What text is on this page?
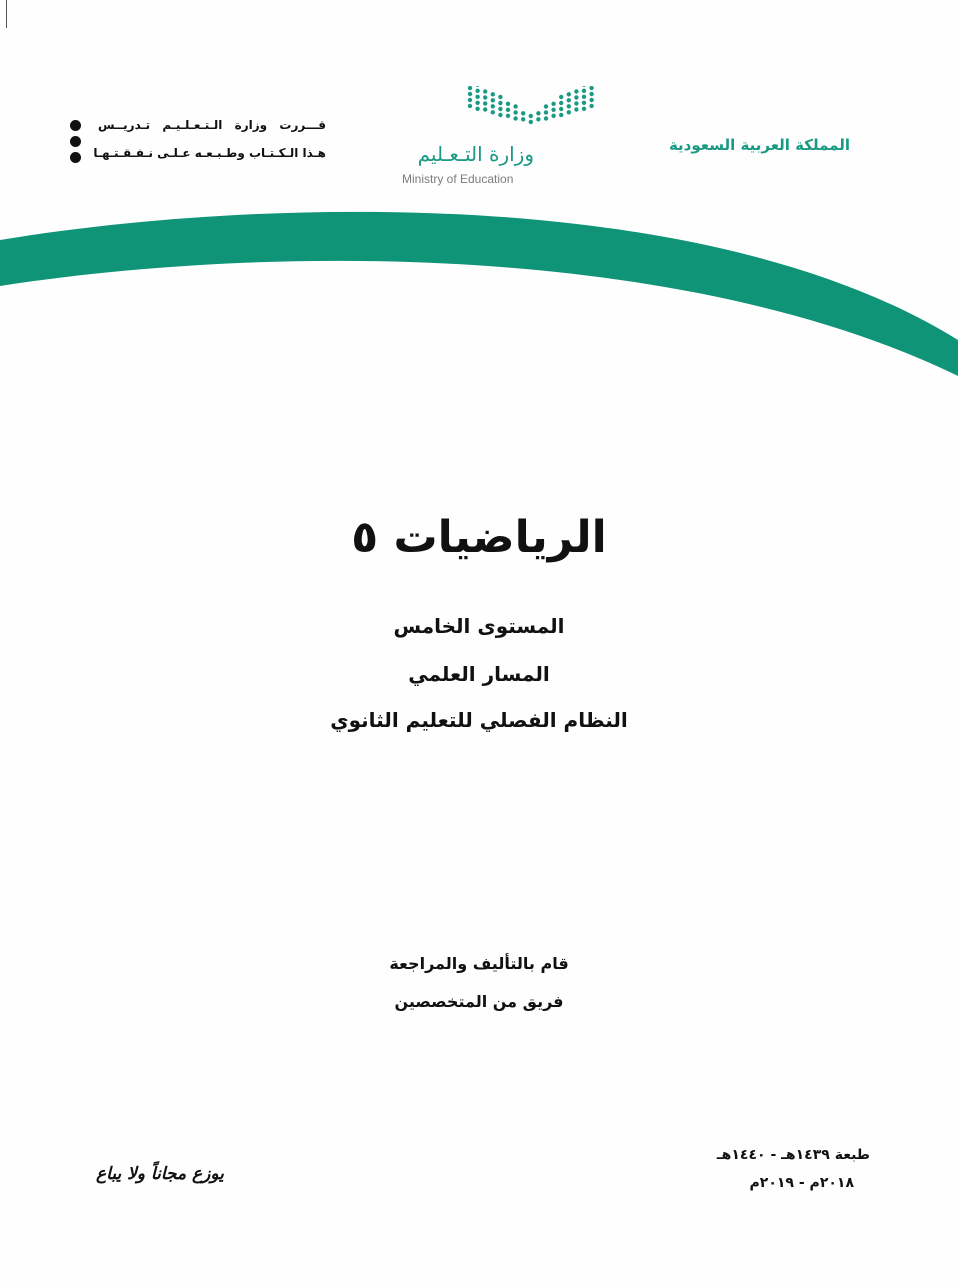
قـــررت وزارة الـتـعـلـيـم تـدريــس
هـذا الـكـتـاب وطـبـعـه عـلـى نـفـقـتـهـا	وزارة التـعـليم
Ministry of Education
المملكة العربية السعودية
الرياضيات ٥
المستوى الخامس
المسار العلمي
النظام الفصلي للتعليم الثانوي
قام بالتأليف والمراجعة
فريق من المتخصصين
طبعة ١٤٣٩هـ - ١٤٤٠هـ
٢٠١٨م - ٢٠١٩م
يوزع مجاناً ولا يباع
